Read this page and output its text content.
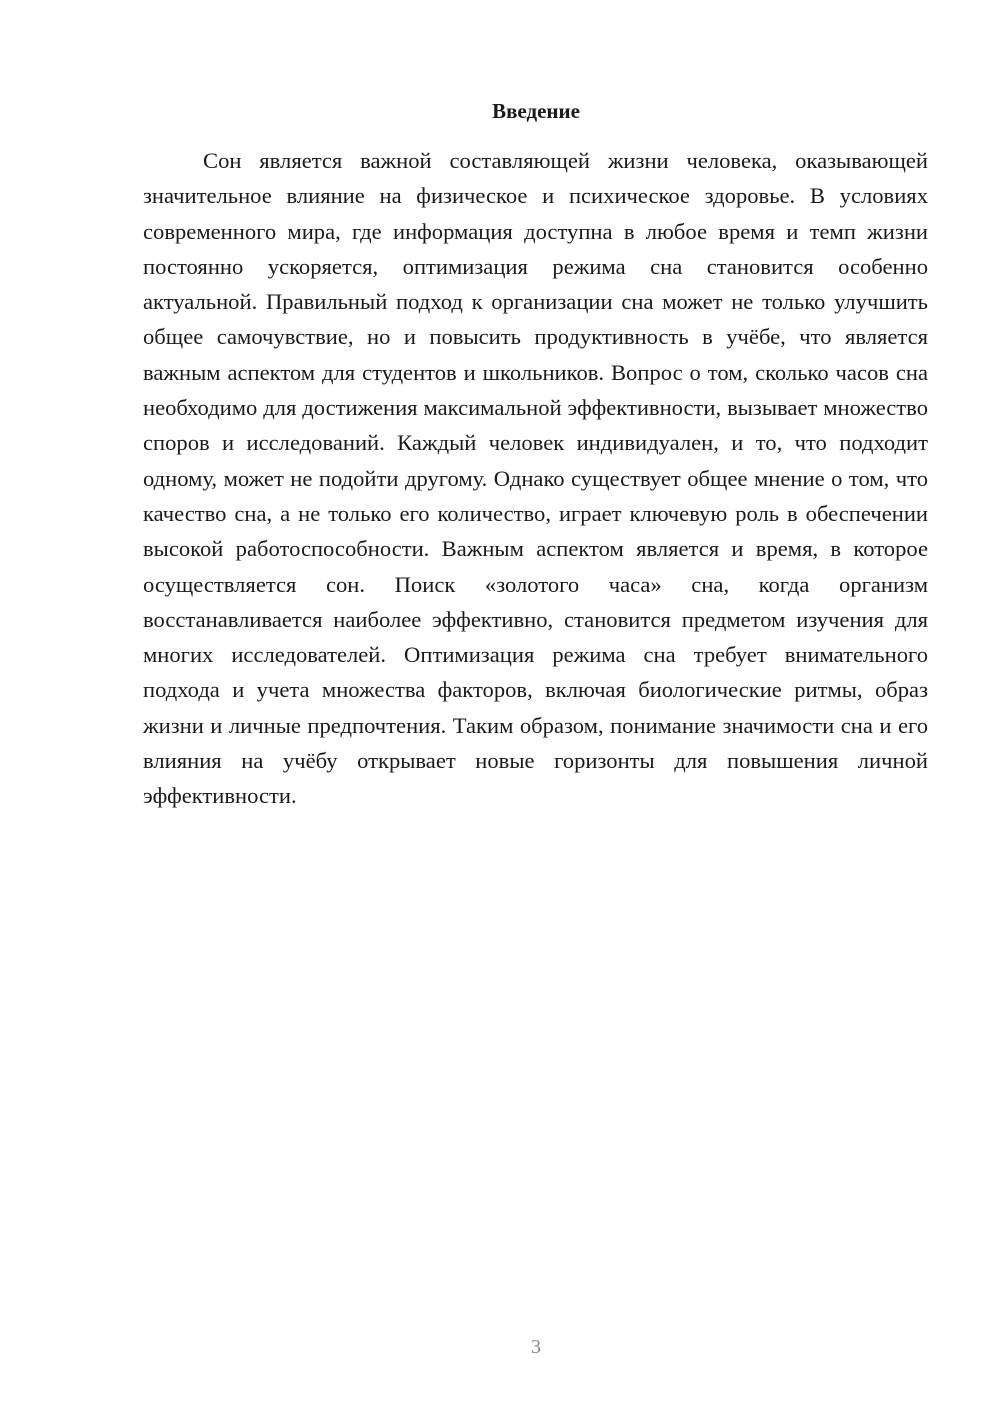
Введение

Сон является важной составляющей жизни человека, оказывающей значительное влияние на физическое и психическое здоровье. В условиях современного мира, где информация доступна в любое время и темп жизни постоянно ускоряется, оптимизация режима сна становится особенно актуальной. Правильный подход к организации сна может не только улучшить общее самочувствие, но и повысить продуктивность в учёбе, что является важным аспектом для студентов и школьников. Вопрос о том, сколько часов сна необходимо для достижения максимальной эффективности, вызывает множество споров и исследований. Каждый человек индивидуален, и то, что подходит одному, может не подойти другому. Однако существует общее мнение о том, что качество сна, а не только его количество, играет ключевую роль в обеспечении высокой работоспособности. Важным аспектом является и время, в которое осуществляется сон. Поиск «золотого часа» сна, когда организм восстанавливается наиболее эффективно, становится предметом изучения для многих исследователей. Оптимизация режима сна требует внимательного подхода и учета множества факторов, включая биологические ритмы, образ жизни и личные предпочтения. Таким образом, понимание значимости сна и его влияния на учёбу открывает новые горизонты для повышения личной эффективности.

3
